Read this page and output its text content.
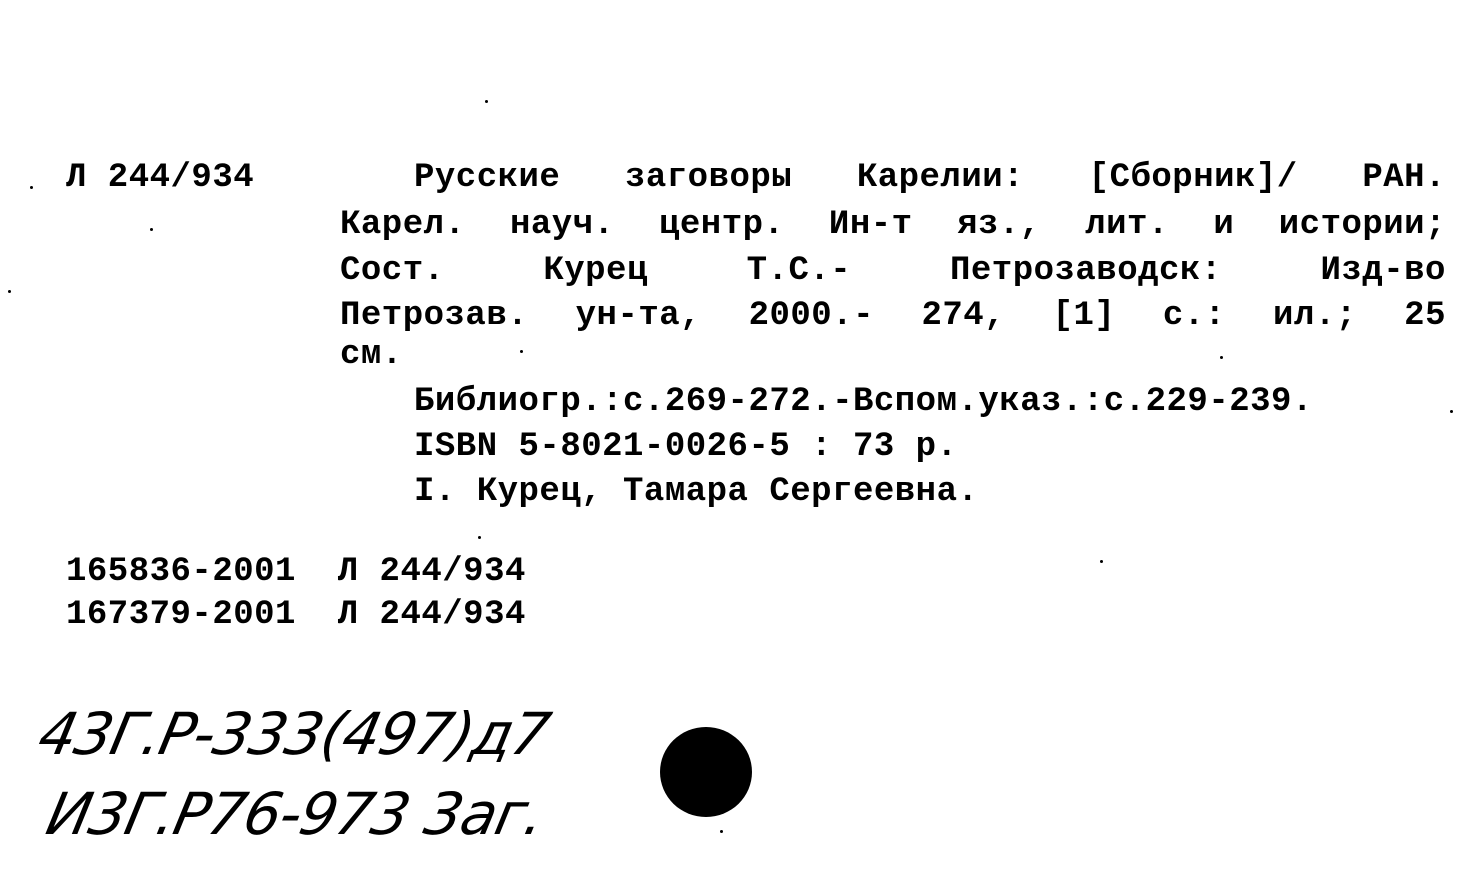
Л 244/934	Русские заговоры Карелии: [Сборник]/ РАН.
Карел. науч. центр. Ин-т яз., лит. и истории;
Сост.	Курец	Т.С.-	Петрозаводск:	Изд-во
Петрозав. ун-та, 2000.- 274, [1] с.: ил.; 25
см.
Библиогр.:с.269-272.-Вспом.указ.:с.229-239.
ISBN 5-8021-0026-5 : 73 р.
I. Курец, Тамара Сергеевна.
165836-2001 Л 244/934
167379-2001 Л 244/934
43Г.Р-333(497)д7
И3Г.Р76-973 3аг.
